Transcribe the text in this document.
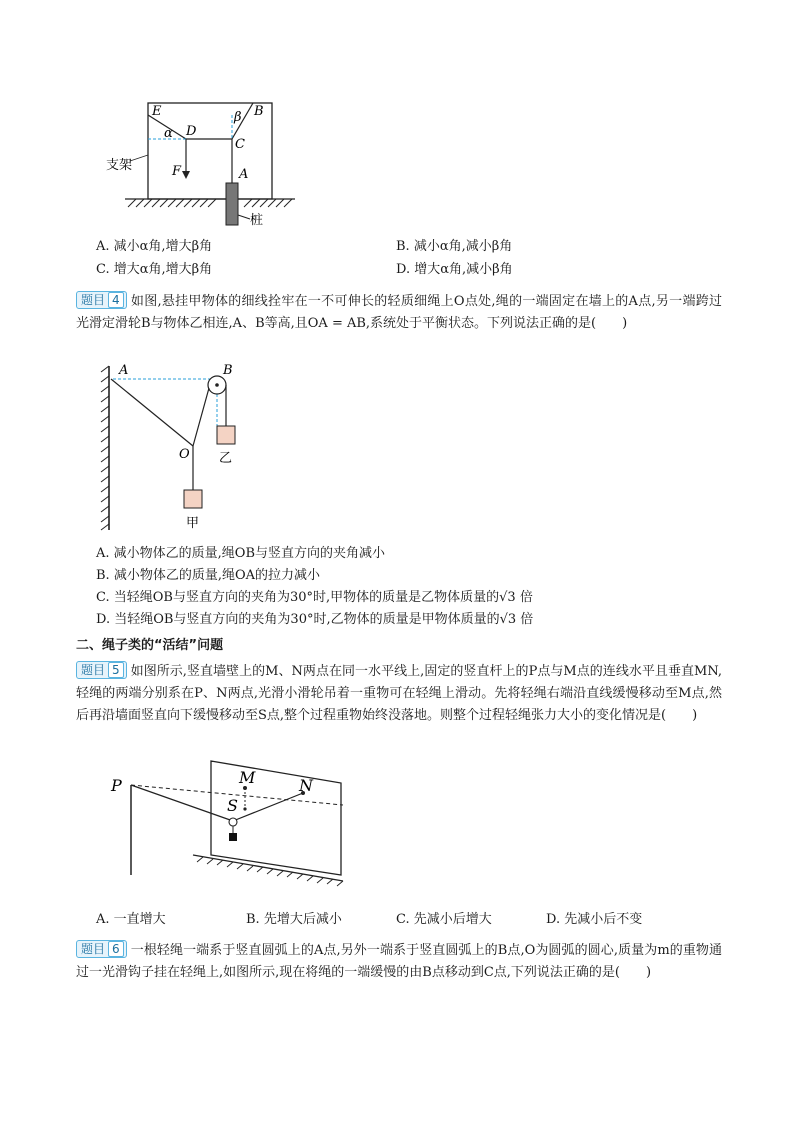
E
D
C
B
A
F
α
β
支架
桩
A. 减小α角,增大β角	B. 减小α角,减小β角
C. 增大α角,增大β角	D. 增大α角,减小β角
题目 4 如图,悬挂甲物体的细线拴牢在一不可伸长的轻质细绳上O点处,绳的一端固定在墙上的A点,另一端跨过光滑定滑轮B与物体乙相连,A、B等高,且OA = AB,系统处于平衡状态。下列说法正确的是(　　)
A	B
O 乙
甲
A. 减小物体乙的质量,绳OB与竖直方向的夹角减小
B. 减小物体乙的质量,绳OA的拉力减小
C. 当轻绳OB与竖直方向的夹角为30°时,甲物体的质量是乙物体质量的√3 倍
D. 当轻绳OB与竖直方向的夹角为30°时,乙物体的质量是甲物体质量的√3 倍
二、绳子类的“活结”问题
题目 5 如图所示,竖直墙壁上的M、N两点在同一水平线上,固定的竖直杆上的P点与M点的连线水平且垂直MN,轻绳的两端分别系在P、N两点,光滑小滑轮吊着一重物可在轻绳上滑动。先将轻绳右端沿直线缓慢移动至M点,然后再沿墙面竖直向下缓慢移动至S点,整个过程重物始终没落地。则整个过程轻绳张力大小的变化情况是(　　)
P	M	N
S
A. 一直增大	B. 先增大后减小	C. 先减小后增大	D. 先减小后不变
题目 6 一根轻绳一端系于竖直圆弧上的A点,另外一端系于竖直圆弧上的B点,O为圆弧的圆心,质量为m的重物通过一光滑钩子挂在轻绳上,如图所示,现在将绳的一端缓慢的由B点移动到C点,下列说法正确的是(　　)
